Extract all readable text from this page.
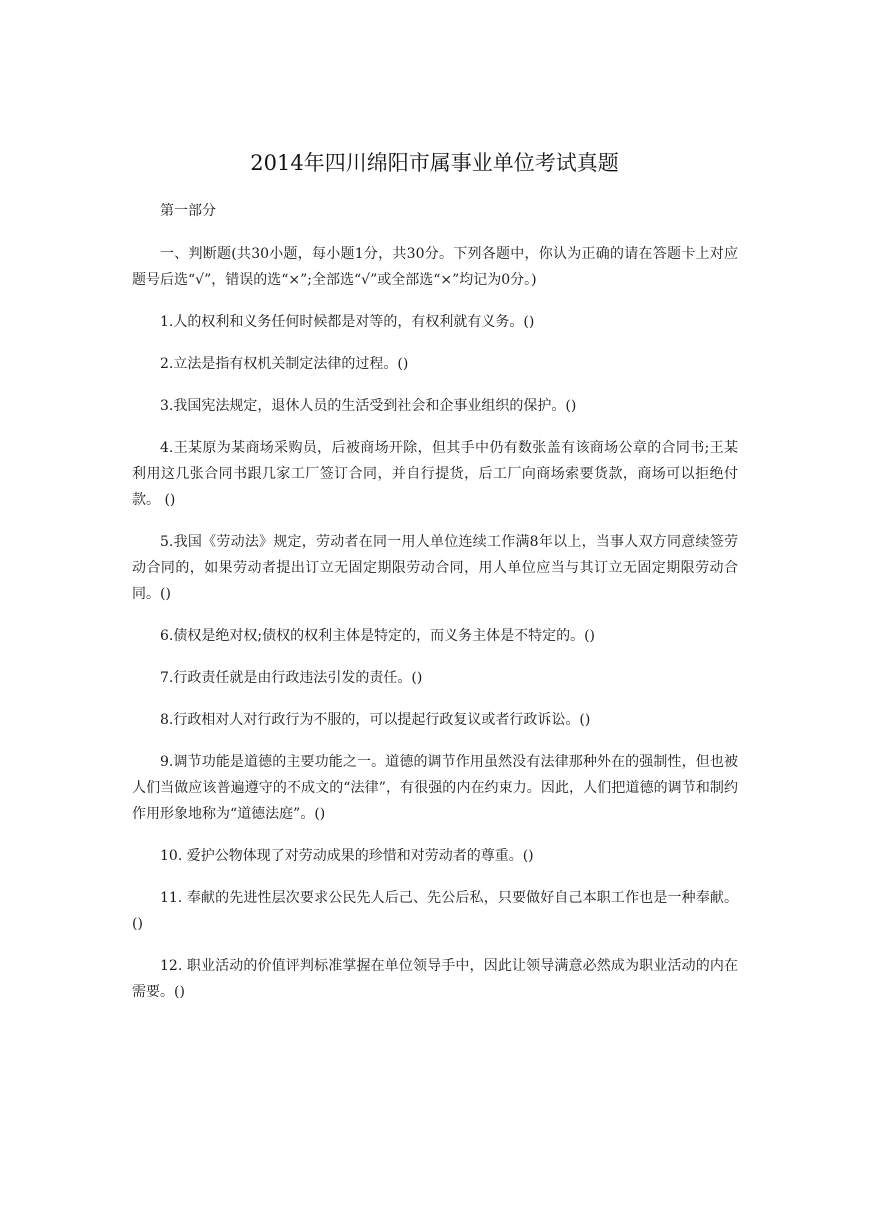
2014年四川绵阳市属事业单位考试真题

第一部分

一、判断题(共30小题，每小题1分，共30分。下列各题中，你认为正确的请在答题卡上对应题号后选“√”，错误的选“×”;全部选“√”或全部选“×”均记为0分。)

1.人的权利和义务任何时候都是对等的，有权利就有义务。()

2.立法是指有权机关制定法律的过程。()

3.我国宪法规定，退休人员的生活受到社会和企事业组织的保护。()

4.王某原为某商场采购员，后被商场开除，但其手中仍有数张盖有该商场公章的合同书;王某利用这几张合同书跟几家工厂签订合同，并自行提货，后工厂向商场索要货款，商场可以拒绝付款。 ()

5.我国《劳动法》规定，劳动者在同一用人单位连续工作满8年以上，当事人双方同意续签劳动合同的，如果劳动者提出订立无固定期限劳动合同，用人单位应当与其订立无固定期限劳动合同。()

6.债权是绝对权;债权的权利主体是特定的，而义务主体是不特定的。()

7.行政责任就是由行政违法引发的责任。()

8.行政相对人对行政行为不服的，可以提起行政复议或者行政诉讼。()

9.调节功能是道德的主要功能之一。道德的调节作用虽然没有法律那种外在的强制性，但也被人们当做应该普遍遵守的不成文的“法律”，有很强的内在约束力。因此，人们把道德的调节和制约作用形象地称为“道德法庭”。()

10. 爱护公物体现了对劳动成果的珍惜和对劳动者的尊重。()

11. 奉献的先进性层次要求公民先人后己、先公后私，只要做好自己本职工作也是一种奉献。()

12. 职业活动的价值评判标准掌握在单位领导手中，因此让领导满意必然成为职业活动的内在需要。()
